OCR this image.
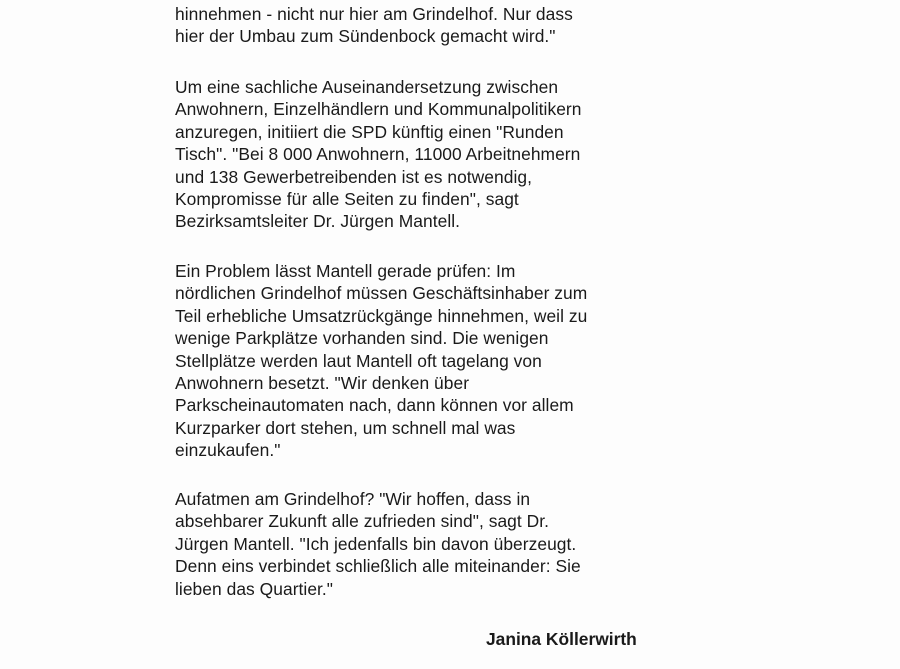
hinnehmen - nicht nur hier am Grindelhof. Nur dass
hier der Umbau zum Sündenbock gemacht wird."
Um eine sachliche Auseinandersetzung zwischen
Anwohnern, Einzelhändlern und Kommunalpolitikern
anzuregen, initiiert die SPD künftig einen "Runden
Tisch". "Bei 8 000 Anwohnern, 11000 Arbeitnehmern
und 138 Gewerbetreibenden ist es notwendig,
Kompromisse für alle Seiten zu finden", sagt
Bezirksamtsleiter Dr. Jürgen Mantell.
Ein Problem lässt Mantell gerade prüfen: Im
nördlichen Grindelhof müssen Geschäftsinhaber zum
Teil erhebliche Umsatzrückgänge hinnehmen, weil zu
wenige Parkplätze vorhanden sind. Die wenigen
Stellplätze werden laut Mantell oft tagelang von
Anwohnern besetzt. "Wir denken über
Parkscheinautomaten nach, dann können vor allem
Kurzparker dort stehen, um schnell mal was
einzukaufen."
Aufatmen am Grindelhof? "Wir hoffen, dass in
absehbarer Zukunft alle zufrieden sind", sagt Dr.
Jürgen Mantell. "Ich jedenfalls bin davon überzeugt.
Denn eins verbindet schließlich alle miteinander: Sie
lieben das Quartier."
Janina Köllerwirth
